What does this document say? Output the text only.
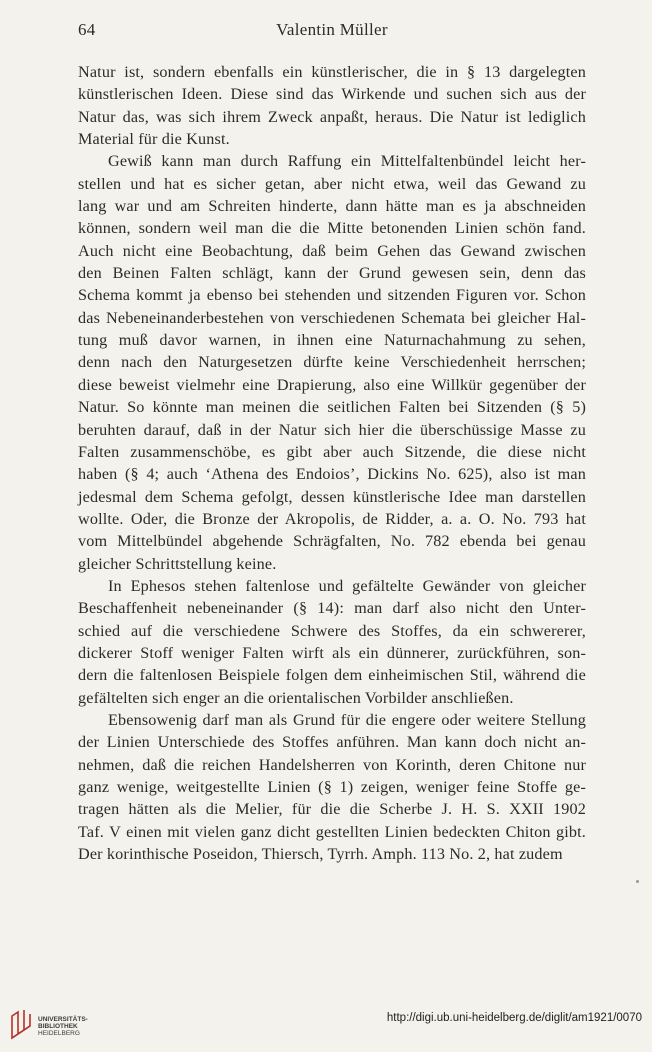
64	Valentin Müller
Natur ist, sondern ebenfalls ein künstlerischer, die in § 13 dargelegten
künstlerischen Ideen. Diese sind das Wirkende und suchen sich aus der
Natur das, was sich ihrem Zweck anpaßt, heraus. Die Natur ist lediglich
Material für die Kunst.
Gewiß kann man durch Raffung ein Mittelfaltenbündel leicht her-
stellen und hat es sicher getan, aber nicht etwa, weil das Gewand zu
lang war und am Schreiten hinderte, dann hätte man es ja abschneiden
können, sondern weil man die die Mitte betonenden Linien schön fand.
Auch nicht eine Beobachtung, daß beim Gehen das Gewand zwischen
den Beinen Falten schlägt, kann der Grund gewesen sein, denn das
Schema kommt ja ebenso bei stehenden und sitzenden Figuren vor. Schon
das Nebeneinanderbestehen von verschiedenen Schemata bei gleicher Hal-
tung muß davor warnen, in ihnen eine Naturnachahmung zu sehen,
denn nach den Naturgesetzen dürfte keine Verschiedenheit herrschen;
diese beweist vielmehr eine Drapierung, also eine Willkür gegenüber der
Natur. So könnte man meinen die seitlichen Falten bei Sitzenden (§ 5)
beruhten darauf, daß in der Natur sich hier die überschüssige Masse zu
Falten zusammenschöbe, es gibt aber auch Sitzende, die diese nicht
haben (§ 4; auch ‘Athena des Endoios’, Dickins No. 625), also ist man
jedesmal dem Schema gefolgt, dessen künstlerische Idee man darstellen
wollte. Oder, die Bronze der Akropolis, de Ridder, a. a. O. No. 793 hat
vom Mittelbündel abgehende Schrägfalten, No. 782 ebenda bei genau
gleicher Schrittstellung keine.
In Ephesos stehen faltenlose und gefältelte Gewänder von gleicher
Beschaffenheit nebeneinander (§ 14): man darf also nicht den Unter-
schied auf die verschiedene Schwere des Stoffes, da ein schwererer,
dickerer Stoff weniger Falten wirft als ein dünnerer, zurückführen, son-
dern die faltenlosen Beispiele folgen dem einheimischen Stil, während die
gefältelten sich enger an die orientalischen Vorbilder anschließen.
Ebensowenig darf man als Grund für die engere oder weitere Stellung
der Linien Unterschiede des Stoffes anführen. Man kann doch nicht an-
nehmen, daß die reichen Handelsherren von Korinth, deren Chitone nur
ganz wenige, weitgestellte Linien (§ 1) zeigen, weniger feine Stoffe ge-
tragen hätten als die Melier, für die die Scherbe J. H. S. XXII 1902
Taf. V einen mit vielen ganz dicht gestellten Linien bedeckten Chiton gibt.
Der korinthische Poseidon, Thiersch, Tyrrh. Amph. 113 No. 2, hat zudem
UNIVERSITÄTS-
BIBLIOTHEK
HEIDELBERG
http://digi.ub.uni-heidelberg.de/diglit/am1921/0070
